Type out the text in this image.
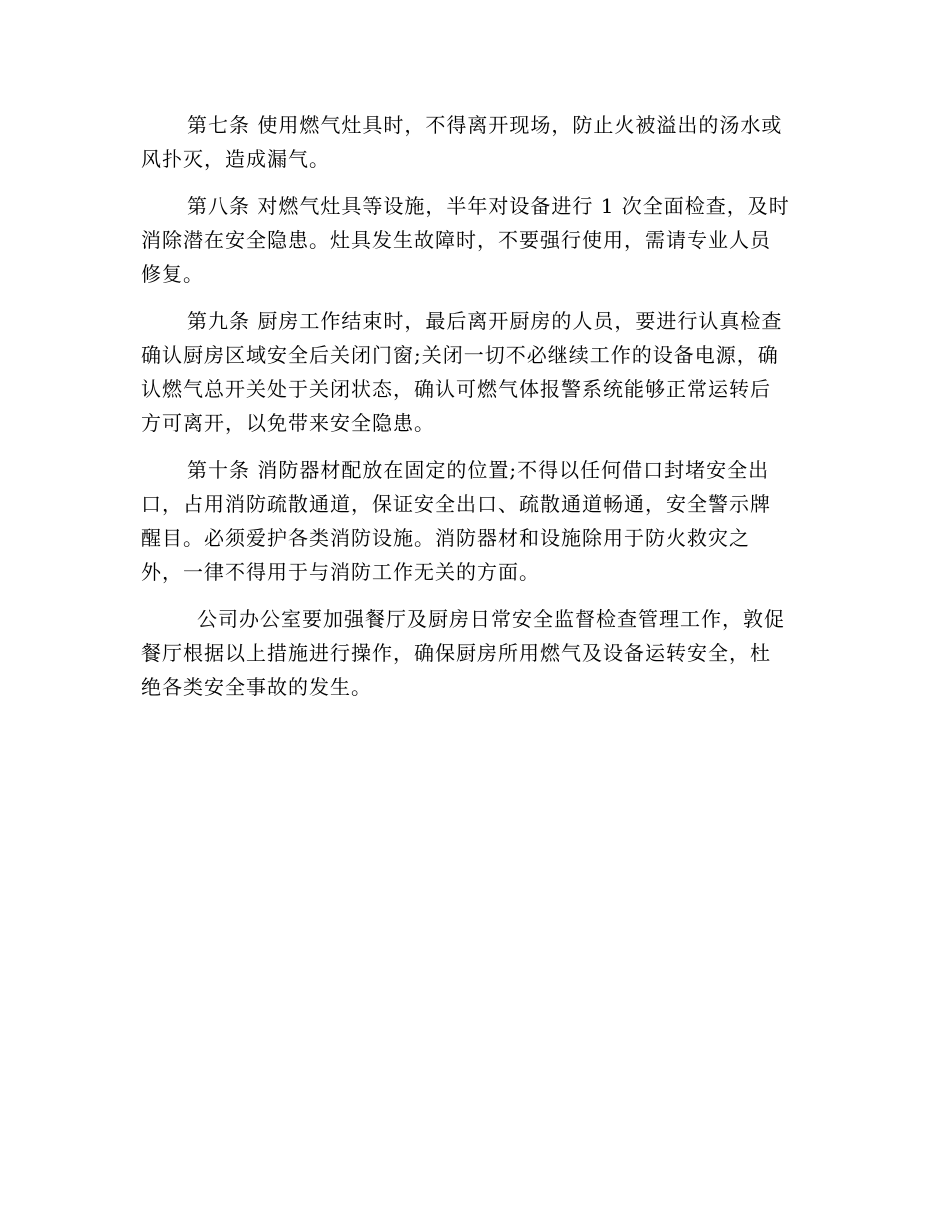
第七条 使用燃气灶具时，不得离开现场，防止火被溢出的汤水或
风扑灭，造成漏气。

第八条 对燃气灶具等设施，半年对设备进行 1 次全面检查，及时
消除潜在安全隐患。灶具发生故障时，不要强行使用，需请专业人员
修复。

第九条 厨房工作结束时，最后离开厨房的人员，要进行认真检查
确认厨房区域安全后关闭门窗;关闭一切不必继续工作的设备电源，确
认燃气总开关处于关闭状态，确认可燃气体报警系统能够正常运转后
方可离开，以免带来安全隐患。

第十条 消防器材配放在固定的位置;不得以任何借口封堵安全出
口，占用消防疏散通道，保证安全出口、疏散通道畅通，安全警示牌
醒目。必须爱护各类消防设施。消防器材和设施除用于防火救灾之
外，一律不得用于与消防工作无关的方面。

公司办公室要加强餐厅及厨房日常安全监督检查管理工作，敦促
餐厅根据以上措施进行操作，确保厨房所用燃气及设备运转安全，杜
绝各类安全事故的发生。
